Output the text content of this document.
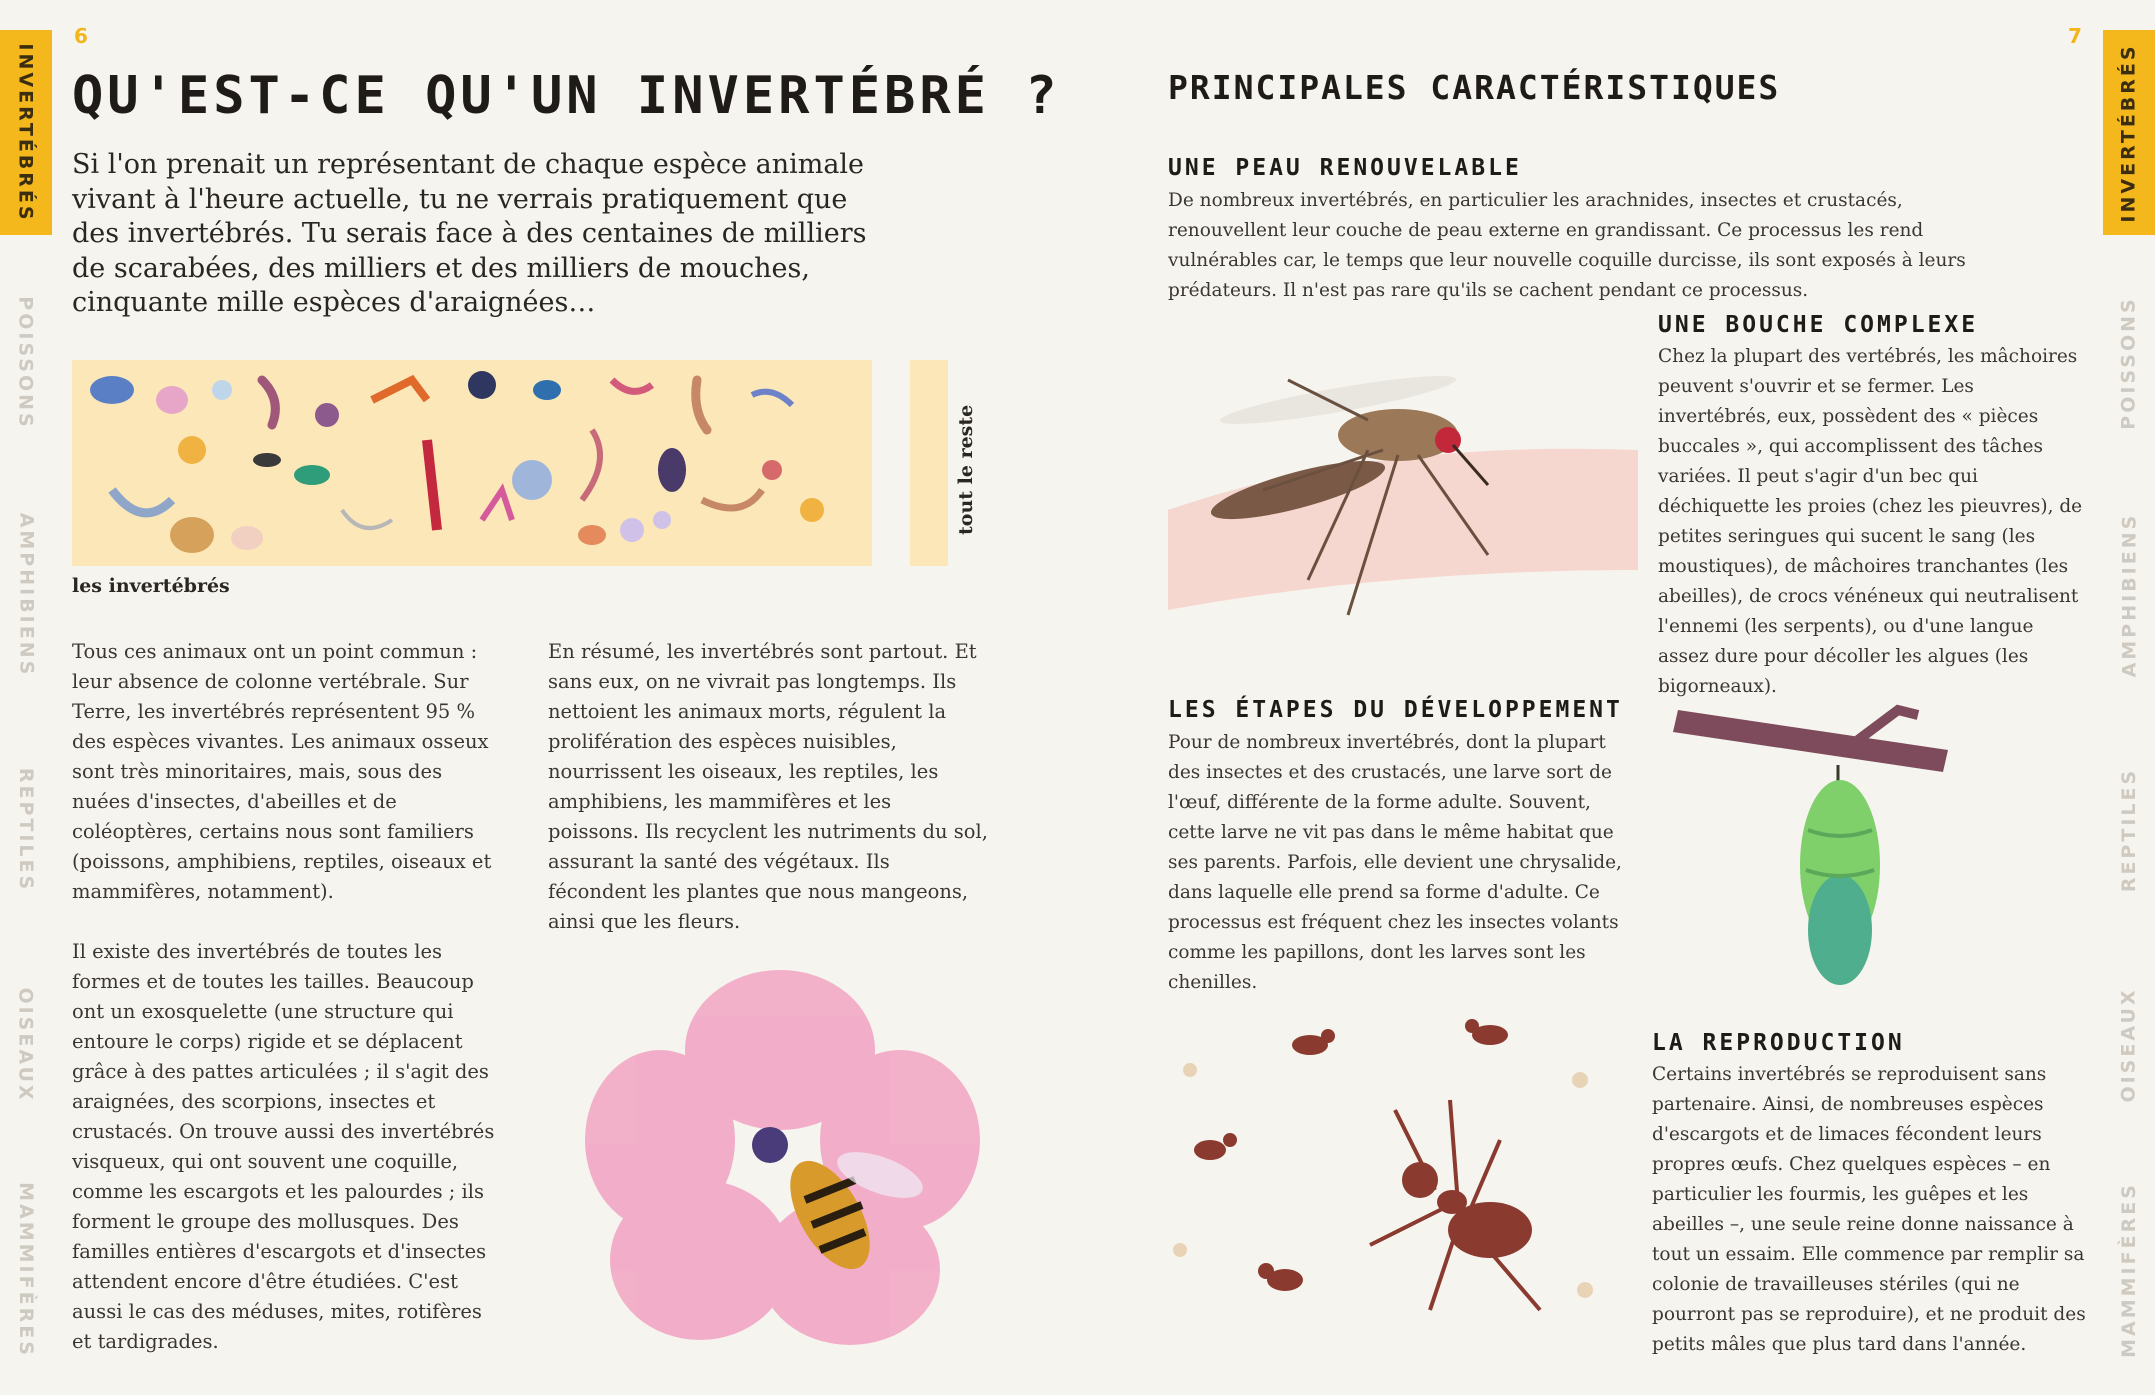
6	7
INVERTÉBRÉS
POISSONS
AMPHIBIENS
REPTILES
OISEAUX
MAMMIFÈRES
INVERTÉBRÉS
POISSONS
AMPHIBIENS
REPTILES
OISEAUX
MAMMIFÈRES
QU'EST-CE QU'UN INVERTÉBRÉ ?

Si l'on prenait un représentant de chaque espèce animale vivant à l'heure actuelle, tu ne verrais pratiquement que des invertébrés. Tu serais face à des centaines de milliers de scarabées, des milliers et des milliers de mouches, cinquante mille espèces d'araignées…

les invertébrés
tout le reste

Tous ces animaux ont un point commun : leur absence de colonne vertébrale. Sur Terre, les invertébrés représentent 95 % des espèces vivantes. Les animaux osseux sont très minoritaires, mais, sous des nuées d'insectes, d'abeilles et de coléoptères, certains nous sont familiers (poissons, amphibiens, reptiles, oiseaux et mammifères, notamment).

Il existe des invertébrés de toutes les formes et de toutes les tailles. Beaucoup ont un exosquelette (une structure qui entoure le corps) rigide et se déplacent grâce à des pattes articulées ; il s'agit des araignées, des scorpions, insectes et crustacés. On trouve aussi des invertébrés visqueux, qui ont souvent une coquille, comme les escargots et les palourdes ; ils forment le groupe des mollusques. Des familles entières d'escargots et d'insectes attendent encore d'être étudiées. C'est aussi le cas des méduses, mites, rotifères et tardigrades.

En résumé, les invertébrés sont partout. Et sans eux, on ne vivrait pas longtemps. Ils nettoient les animaux morts, régulent la prolifération des espèces nuisibles, nourrissent les oiseaux, les reptiles, les amphibiens, les mammifères et les poissons. Ils recyclent les nutriments du sol, assurant la santé des végétaux. Ils fécondent les plantes que nous mangeons, ainsi que les fleurs.

PRINCIPALES CARACTÉRISTIQUES
UNE PEAU RENOUVELABLE

De nombreux invertébrés, en particulier les arachnides, insectes et crustacés, renouvellent leur couche de peau externe en grandissant. Ce processus les rend vulnérables car, le temps que leur nouvelle coquille durcisse, ils sont exposés à leurs prédateurs. Il n'est pas rare qu'ils se cachent pendant ce processus.

UNE BOUCHE COMPLEXE

Chez la plupart des vertébrés, les mâchoires peuvent s'ouvrir et se fermer. Les invertébrés, eux, possèdent des « pièces buccales », qui accomplissent des tâches variées. Il peut s'agir d'un bec qui déchiquette les proies (chez les pieuvres), de petites seringues qui sucent le sang (les moustiques), de mâchoires tranchantes (les abeilles), de crocs vénéneux qui neutralisent l'ennemi (les serpents), ou d'une langue assez dure pour décoller les algues (les bigorneaux).

LES ÉTAPES DU DÉVELOPPEMENT

Pour de nombreux invertébrés, dont la plupart des insectes et des crustacés, une larve sort de l'œuf, différente de la forme adulte. Souvent, cette larve ne vit pas dans le même habitat que ses parents. Parfois, elle devient une chrysalide, dans laquelle elle prend sa forme d'adulte. Ce processus est fréquent chez les insectes volants comme les papillons, dont les larves sont les chenilles.

LA REPRODUCTION

Certains invertébrés se reproduisent sans partenaire. Ainsi, de nombreuses espèces d'escargots et de limaces fécondent leurs propres œufs. Chez quelques espèces – en particulier les fourmis, les guêpes et les abeilles –, une seule reine donne naissance à tout un essaim. Elle commence par remplir sa colonie de travailleuses stériles (qui ne pourront pas se reproduire), et ne produit des petits mâles que plus tard dans l'année.
